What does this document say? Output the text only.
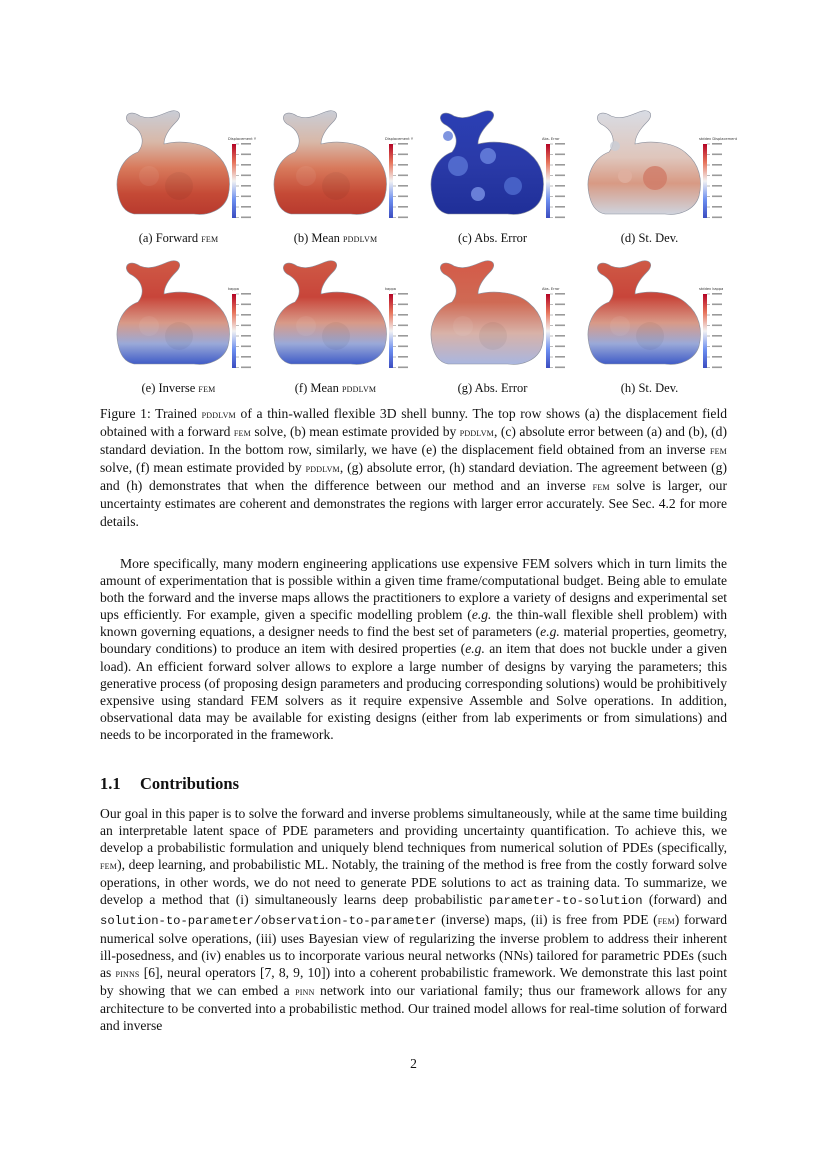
Displacement Y
(a) Forward fem
Displacement Y
(b) Mean pddlvm
Abs. Error
(c) Abs. Error
stddev Displacement
(d) St. Dev.
kappa
(e) Inverse fem
kappa
(f) Mean pddlvm
Abs. Error
(g) Abs. Error
stddev kappa
(h) St. Dev.
Figure 1: Trained pddlvm of a thin-walled flexible 3D shell bunny. The top row shows (a) the displacement field obtained with a forward fem solve, (b) mean estimate provided by pddlvm, (c) absolute error between (a) and (b), (d) standard deviation. In the bottom row, similarly, we have (e) the displacement field obtained from an inverse fem solve, (f) mean estimate provided by pddlvm, (g) absolute error, (h) standard deviation. The agreement between (g) and (h) demonstrates that when the difference between our method and an inverse fem solve is larger, our uncertainty estimates are coherent and demonstrates the regions with larger error accurately. See Sec. 4.2 for more details.

More specifically, many modern engineering applications use expensive FEM solvers which in turn limits the amount of experimentation that is possible within a given time frame/computational budget. Being able to emulate both the forward and the inverse maps allows the practitioners to explore a variety of designs and experimental set ups efficiently. For example, given a specific modelling problem (e.g. the thin-wall flexible shell problem) with known governing equations, a designer needs to find the best set of parameters (e.g. material properties, geometry, boundary conditions) to produce an item with desired properties (e.g. an item that does not buckle under a given load). An efficient forward solver allows to explore a large number of designs by varying the parameters; this generative process (of proposing design parameters and producing corresponding solutions) would be prohibitively expensive using standard FEM solvers as it require expensive Assemble and Solve operations. In addition, observational data may be available for existing designs (either from lab experiments or from simulations) and needs to be incorporated in the framework.

1.1 Contributions

Our goal in this paper is to solve the forward and inverse problems simultaneously, while at the same time building an interpretable latent space of PDE parameters and providing uncertainty quantification. To achieve this, we develop a probabilistic formulation and uniquely blend techniques from numerical solution of PDEs (specifically, fem), deep learning, and probabilistic ML. Notably, the training of the method is free from the costly forward solve operations, in other words, we do not need to generate PDE solutions to act as training data. To summarize, we develop a method that (i) simultaneously learns deep probabilistic parameter-to-solution (forward) and solution-to-parameter/observation-to-parameter (inverse) maps, (ii) is free from PDE (fem) forward numerical solve operations, (iii) uses Bayesian view of regularizing the inverse problem to address their inherent ill-posedness, and (iv) enables us to incorporate various neural networks (NNs) tailored for parametric PDEs (such as pinns [6], neural operators [7, 8, 9, 10]) into a coherent probabilistic framework. We demonstrate this last point by showing that we can embed a pinn network into our variational family; thus our framework allows for any architecture to be converted into a probabilistic method. Our trained model allows for real-time solution of forward and inverse

2
